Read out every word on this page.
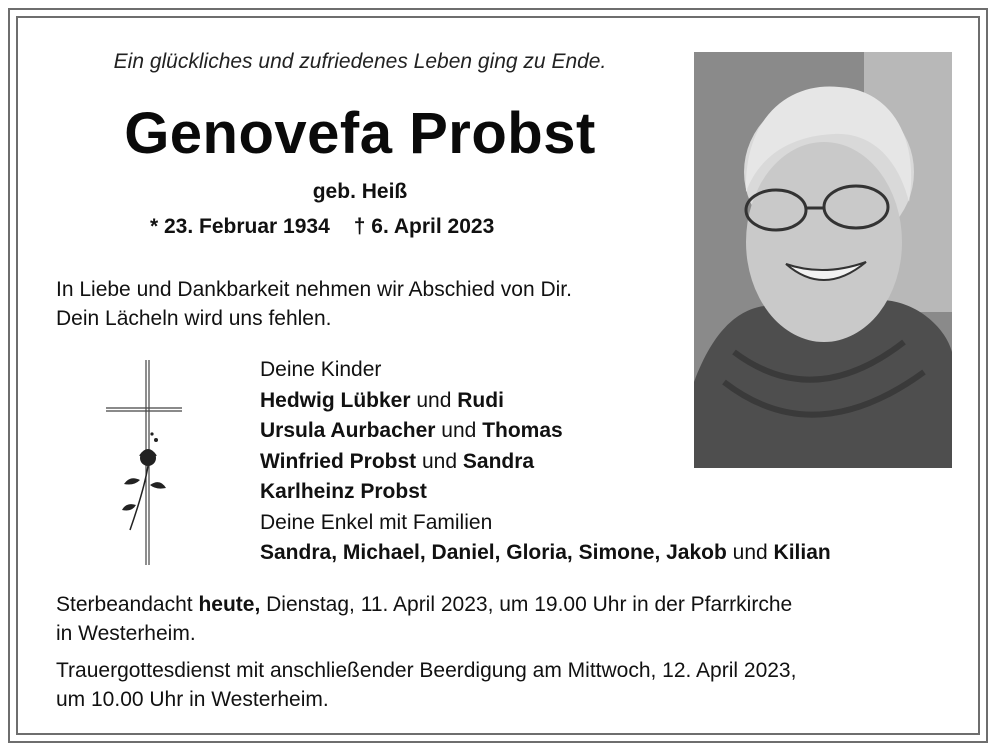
Ein glückliches und zufriedenes Leben ging zu Ende.
Genovefa Probst
geb. Heiß
* 23. Februar 1934 † 6. April 2023
In Liebe und Dankbarkeit nehmen wir Abschied von Dir.
Dein Lächeln wird uns fehlen.
Deine Kinder
Hedwig Lübker und Rudi
Ursula Aurbacher und Thomas
Winfried Probst und Sandra
Karlheinz Probst
Deine Enkel mit Familien
Sandra, Michael, Daniel, Gloria, Simone, Jakob und Kilian

Sterbeandacht heute, Dienstag, 11. April 2023, um 19.00 Uhr in der Pfarrkirche
in Westerheim.

Trauergottesdienst mit anschließender Beerdigung am Mittwoch, 12. April 2023,
um 10.00 Uhr in Westerheim.
